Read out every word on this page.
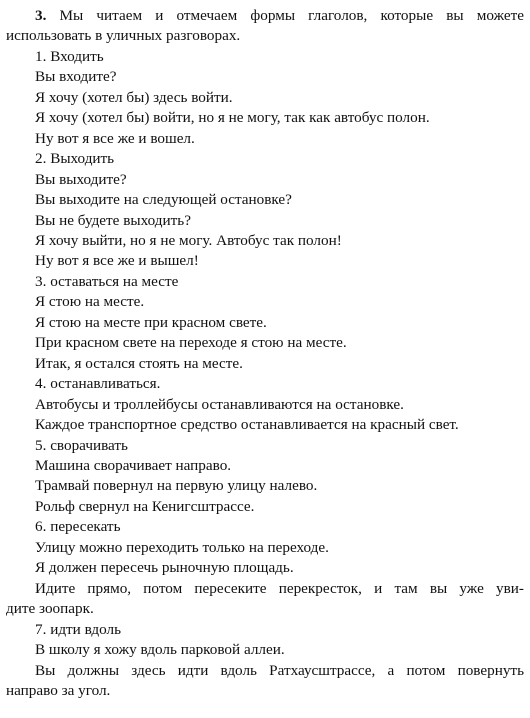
3. Мы читаем и отмечаем формы глаголов, которые вы можете
использовать в уличных разговорах.
1. Входить
Вы входите?
Я хочу (хотел бы) здесь войти.
Я хочу (хотел бы) войти, но я не могу, так как автобус полон.
Ну вот я все же и вошел.
2. Выходить
Вы выходите?
Вы выходите на следующей остановке?
Вы не будете выходить?
Я хочу выйти, но я не могу. Автобус так полон!
Ну вот я все же и вышел!
3. оставаться на месте
Я стою на месте.
Я стою на месте при красном свете.
При красном свете на переходе я стою на месте.
Итак, я остался стоять на месте.
4. останавливаться.
Автобусы и троллейбусы останавливаются на остановке.
Каждое транспортное средство останавливается на красный свет.
5. сворачивать
Машина сворачивает направо.
Трамвай повернул на первую улицу налево.
Рольф свернул на Кенигсштрассе.
6. пересекать
Улицу можно переходить только на переходе.
Я должен пересечь рыночную площадь.
Идите прямо, потом пересеките перекресток, и там вы уже уви-
дите зоопарк.
7. идти вдоль
В школу я хожу вдоль парковой аллеи.
Вы должны здесь идти вдоль Ратхаусштрассе, а потом повернуть
направо за угол.
